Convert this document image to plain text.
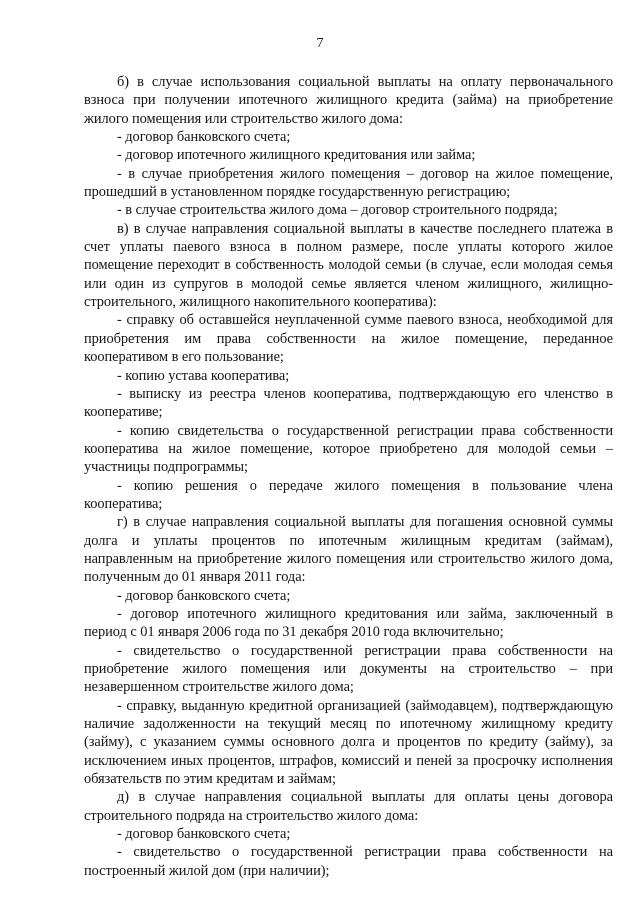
7

б) в случае использования социальной выплаты на оплату первоначального взноса при получении ипотечного жилищного кредита (займа) на приобретение жилого помещения или строительство жилого дома:

- договор банковского счета;

- договор ипотечного жилищного кредитования или займа;

- в случае приобретения жилого помещения – договор на жилое помещение, прошедший в установленном порядке государственную регистрацию;

- в случае строительства жилого дома – договор строительного подряда;

в) в случае направления социальной выплаты в качестве последнего платежа в счет уплаты паевого взноса в полном размере, после уплаты которого жилое помещение переходит в собственность молодой семьи (в случае, если молодая семья или один из супругов в молодой семье является членом жилищного, жилищно-строительного, жилищного накопительного кооператива):

- справку об оставшейся неуплаченной сумме паевого взноса, необходимой для приобретения им права собственности на жилое помещение, переданное кооперативом в его пользование;

- копию устава кооператива;

- выписку из реестра членов кооператива, подтверждающую его членство в кооперативе;

- копию свидетельства о государственной регистрации права собственности кооператива на жилое помещение, которое приобретено для молодой семьи – участницы подпрограммы;

- копию решения о передаче жилого помещения в пользование члена кооператива;

г) в случае направления социальной выплаты для погашения основной суммы долга и уплаты процентов по ипотечным жилищным кредитам (займам), направленным на приобретение жилого помещения или строительство жилого дома, полученным до 01 января 2011 года:

- договор банковского счета;

- договор ипотечного жилищного кредитования или займа, заключенный в период с 01 января 2006 года по 31 декабря 2010 года включительно;

- свидетельство о государственной регистрации права собственности на приобретение жилого помещения или документы на строительство – при незавершенном строительстве жилого дома;

- справку, выданную кредитной организацией (займодавцем), подтверждающую наличие задолженности на текущий месяц по ипотечному жилищному кредиту (займу), с указанием суммы основного долга и процентов по кредиту (займу), за исключением иных процентов, штрафов, комиссий и пеней за просрочку исполнения обязательств по этим кредитам и займам;

д) в случае направления социальной выплаты для оплаты цены договора строительного подряда на строительство жилого дома:

- договор банковского счета;

- свидетельство о государственной регистрации права собственности на построенный жилой дом (при наличии);
